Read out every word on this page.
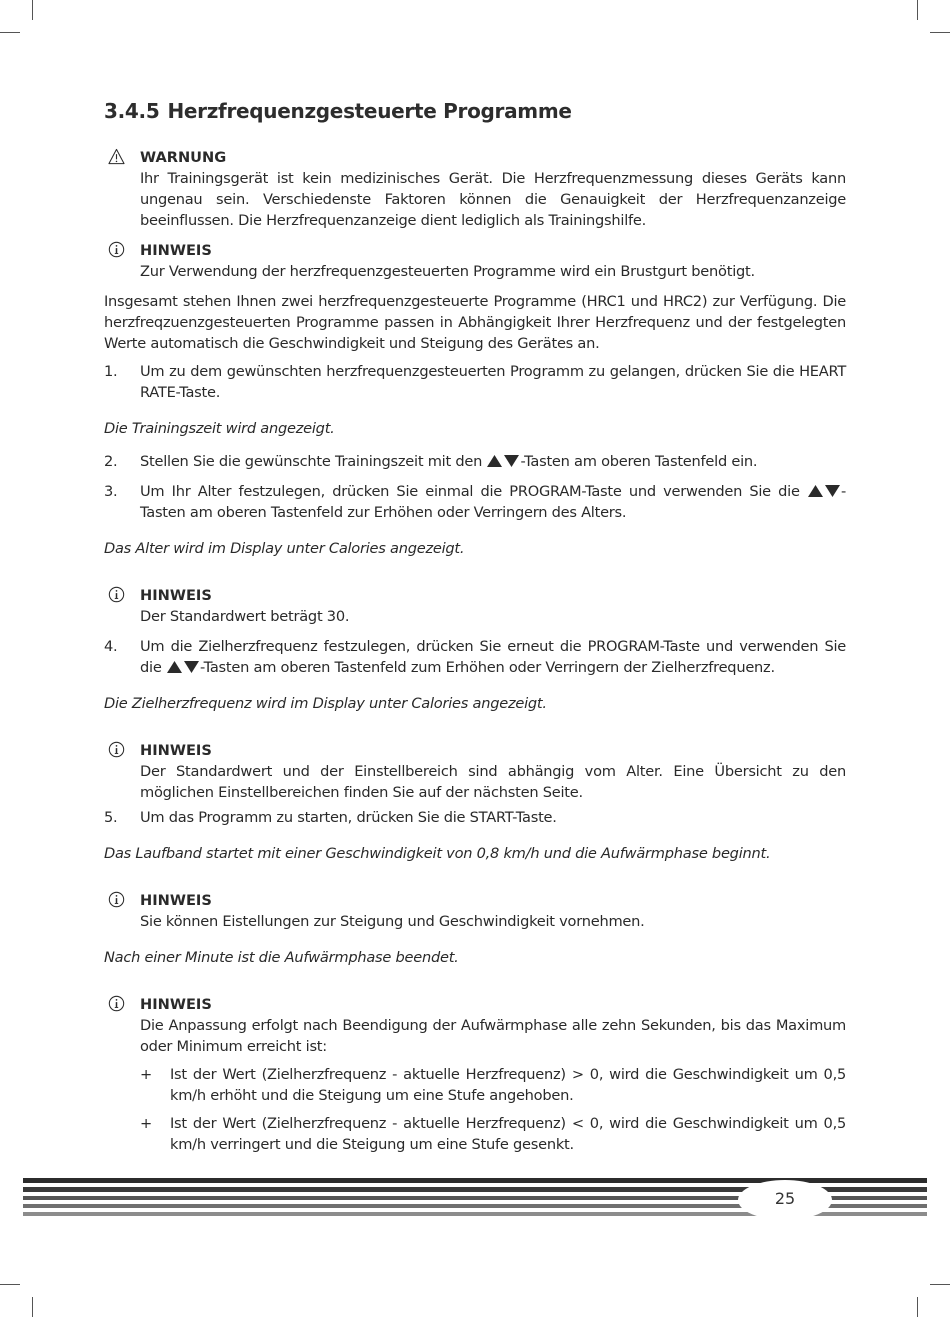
3.4.5 Herzfrequenzgesteuerte Programme
WARNUNG

Ihr Trainingsgerät ist kein medizinisches Gerät. Die Herzfrequenzmessung dieses Geräts kann ungenau sein. Verschiedenste Faktoren können die Genauigkeit der Herzfrequenzanzeige beeinflussen. Die Herzfrequenzanzeige dient lediglich als Trainingshilfe.

HINWEIS

Zur Verwendung der herzfrequenzgesteuerten Programme wird ein Brustgurt benötigt.

Insgesamt stehen Ihnen zwei herzfrequenzgesteuerte Programme (HRC1 und HRC2) zur Verfügung. Die herzfreqzuenzgesteuerten Programme passen in Abhängigkeit Ihrer Herzfrequenz und der festgelegten Werte automatisch die Geschwindigkeit und Steigung des Gerätes an.

1. Um zu dem gewünschten herzfrequenzgesteuerten Programm zu gelangen, drücken Sie die HEART RATE-Taste.

Die Trainingszeit wird angezeigt.

2. Stellen Sie die gewünschte Trainingszeit mit den -Tasten am oberen Tastenfeld ein.
3. Um Ihr Alter festzulegen, drücken Sie einmal die PROGRAM-Taste und verwenden Sie die -Tasten am oberen Tastenfeld zur Erhöhen oder Verringern des Alters.

Das Alter wird im Display unter Calories angezeigt.

HINWEIS

Der Standardwert beträgt 30.

4. Um die Zielherzfrequenz festzulegen, drücken Sie erneut die PROGRAM-Taste und verwenden Sie die -Tasten am oberen Tastenfeld zum Erhöhen oder Verringern der Zielherzfrequenz.

Die Zielherzfrequenz wird im Display unter Calories angezeigt.

HINWEIS

Der Standardwert und der Einstellbereich sind abhängig vom Alter. Eine Übersicht zu den möglichen Einstellbereichen finden Sie auf der nächsten Seite.

5. Um das Programm zu starten, drücken Sie die START-Taste.

Das Laufband startet mit einer Geschwindigkeit von 0,8 km/h und die Aufwärmphase beginnt.

HINWEIS

Sie können Eistellungen zur Steigung und Geschwindigkeit vornehmen.

Nach einer Minute ist die Aufwärmphase beendet.

HINWEIS

Die Anpassung erfolgt nach Beendigung der Aufwärmphase alle zehn Sekunden, bis das Maximum oder Minimum erreicht ist:

+ Ist der Wert (Zielherzfrequenz - aktuelle Herzfrequenz) > 0, wird die Geschwindigkeit um 0,5 km/h erhöht und die Steigung um eine Stufe angehoben.
+ Ist der Wert (Zielherzfrequenz - aktuelle Herzfrequenz) < 0, wird die Geschwindigkeit um 0,5 km/h verringert und die Steigung um eine Stufe gesenkt.
25
